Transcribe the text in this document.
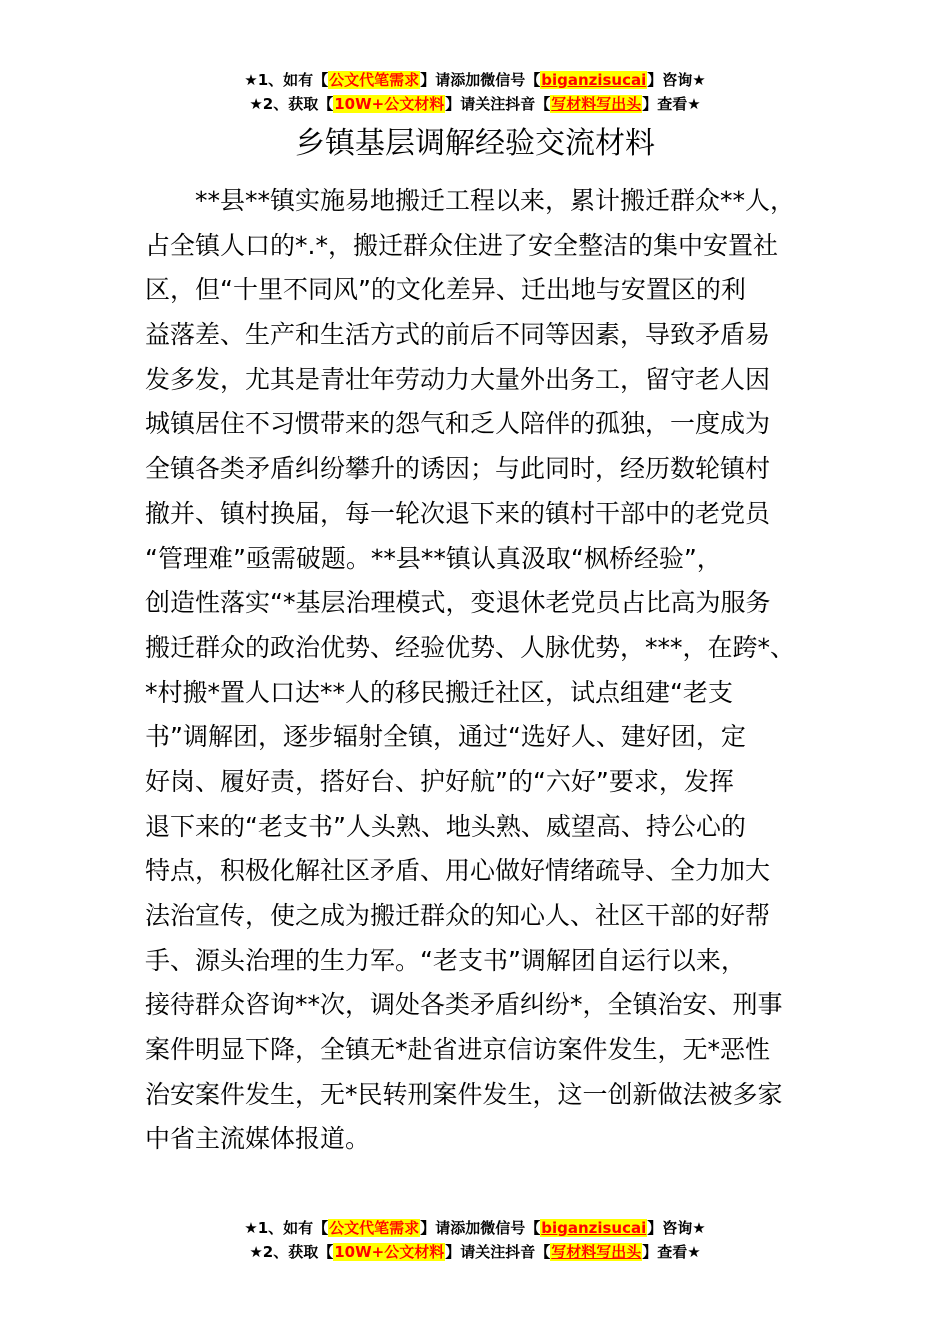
★1、如有【公文代笔需求】请添加微信号【biganzisucai】咨询★
★2、获取【10W+公文材料】请关注抖音【写材料写出头】查看★
乡镇基层调解经验交流材料
**县**镇实施易地搬迁工程以来，累计搬迁群众**人，
占全镇人口的*.*，搬迁群众住进了安全整洁的集中安置社
区，但“十里不同风”的文化差异、迁出地与安置区的利
益落差、生产和生活方式的前后不同等因素，导致矛盾易
发多发，尤其是青壮年劳动力大量外出务工，留守老人因
城镇居住不习惯带来的怨气和乏人陪伴的孤独，一度成为
全镇各类矛盾纠纷攀升的诱因；与此同时，经历数轮镇村
撤并、镇村换届，每一轮次退下来的镇村干部中的老党员
“管理难”亟需破题。**县**镇认真汲取“枫桥经验”，
创造性落实“*基层治理模式，变退休老党员占比高为服务
搬迁群众的政治优势、经验优势、人脉优势，***，在跨*、
*村搬*置人口达**人的移民搬迁社区，试点组建“老支
书”调解团，逐步辐射全镇，通过“选好人、建好团，定
好岗、履好责，搭好台、护好航”的“六好”要求，发挥
退下来的“老支书”人头熟、地头熟、威望高、持公心的
特点，积极化解社区矛盾、用心做好情绪疏导、全力加大
法治宣传，使之成为搬迁群众的知心人、社区干部的好帮
手、源头治理的生力军。“老支书”调解团自运行以来，
接待群众咨询**次，调处各类矛盾纠纷*，全镇治安、刑事
案件明显下降，全镇无*赴省进京信访案件发生，无*恶性
治安案件发生，无*民转刑案件发生，这一创新做法被多家
中省主流媒体报道。
★1、如有【公文代笔需求】请添加微信号【biganzisucai】咨询★
★2、获取【10W+公文材料】请关注抖音【写材料写出头】查看★
